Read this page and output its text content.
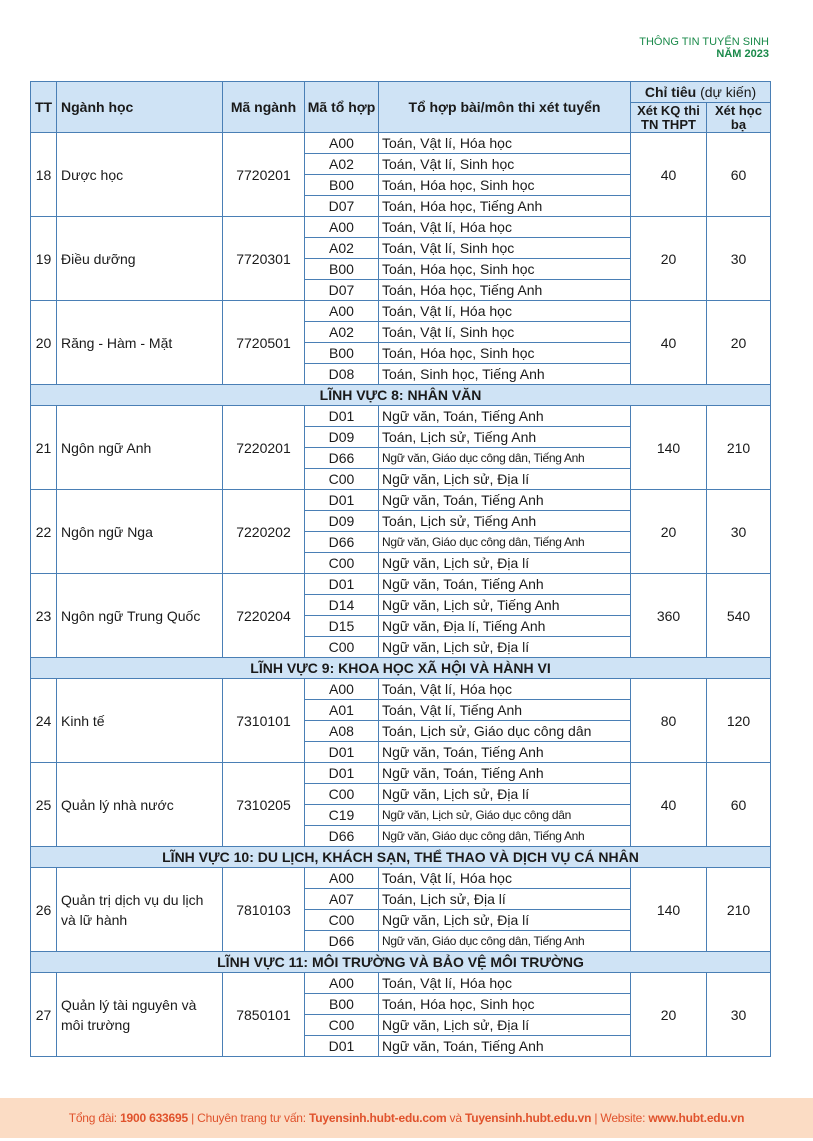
THÔNG TIN TUYỂN SINH
NĂM 2023
TT	Ngành học	Mã ngành	Mã tổ hợp	Tổ hợp bài/môn thi xét tuyển	Chỉ tiêu (dự kiến)	
					Xét KQ thi TN THPT	Xét học bạ
18	Dược học	7720201	A00	Toán, Vật lí, Hóa học	40	60
			A02	Toán, Vật lí, Sinh học		
			B00	Toán, Hóa học, Sinh học		
			D07	Toán, Hóa học, Tiếng Anh		
19	Điều dưỡng	7720301	A00	Toán, Vật lí, Hóa học	20	30
			A02	Toán, Vật lí, Sinh học		
			B00	Toán, Hóa học, Sinh học		
			D07	Toán, Hóa học, Tiếng Anh		
20	Răng - Hàm - Mặt	7720501	A00	Toán, Vật lí, Hóa học	40	20
			A02	Toán, Vật lí, Sinh học		
			B00	Toán, Hóa học, Sinh học		
			D08	Toán, Sinh học, Tiếng Anh		
LĨNH VỰC 8: NHÂN VĂN						
21	Ngôn ngữ Anh	7220201	D01	Ngữ văn, Toán, Tiếng Anh	140	210
			D09	Toán, Lịch sử, Tiếng Anh		
			D66	Ngữ văn, Giáo dục công dân, Tiếng Anh		
			C00	Ngữ văn, Lịch sử, Địa lí		
22	Ngôn ngữ Nga	7220202	D01	Ngữ văn, Toán, Tiếng Anh	20	30
			D09	Toán, Lịch sử, Tiếng Anh		
			D66	Ngữ văn, Giáo dục công dân, Tiếng Anh		
			C00	Ngữ văn, Lịch sử, Địa lí		
23	Ngôn ngữ Trung Quốc	7220204	D01	Ngữ văn, Toán, Tiếng Anh	360	540
			D14	Ngữ văn, Lịch sử, Tiếng Anh		
			D15	Ngữ văn, Địa lí, Tiếng Anh		
			C00	Ngữ văn, Lịch sử, Địa lí		
LĨNH VỰC 9: KHOA HỌC XÃ HỘI VÀ HÀNH VI						
24	Kinh tế	7310101	A00	Toán, Vật lí, Hóa học	80	120
			A01	Toán, Vật lí, Tiếng Anh		
			A08	Toán, Lịch sử, Giáo dục công dân		
			D01	Ngữ văn, Toán, Tiếng Anh		
25	Quản lý nhà nước	7310205	D01	Ngữ văn, Toán, Tiếng Anh	40	60
			C00	Ngữ văn, Lịch sử, Địa lí		
			C19	Ngữ văn, Lịch sử, Giáo dục công dân		
			D66	Ngữ văn, Giáo dục công dân, Tiếng Anh		
LĨNH VỰC 10: DU LỊCH, KHÁCH SẠN, THỂ THAO VÀ DỊCH VỤ CÁ NHÂN						
26	Quản trị dịch vụ du lịch và lữ hành	7810103	A00	Toán, Vật lí, Hóa học	140	210
			A07	Toán, Lịch sử, Địa lí		
			C00	Ngữ văn, Lịch sử, Địa lí		
			D66	Ngữ văn, Giáo dục công dân, Tiếng Anh		
LĨNH VỰC 11: MÔI TRƯỜNG VÀ BẢO VỆ MÔI TRƯỜNG						
27	Quản lý tài nguyên và môi trường	7850101	A00	Toán, Vật lí, Hóa học	20	30
			B00	Toán, Hóa học, Sinh học		
			C00	Ngữ văn, Lịch sử, Địa lí		
			D01	Ngữ văn, Toán, Tiếng Anh		
Tổng đài: 1900 633695 | Chuyên trang tư vấn: Tuyensinh.hubt-edu.com và Tuyensinh.hubt.edu.vn | Website: www.hubt.edu.vn
